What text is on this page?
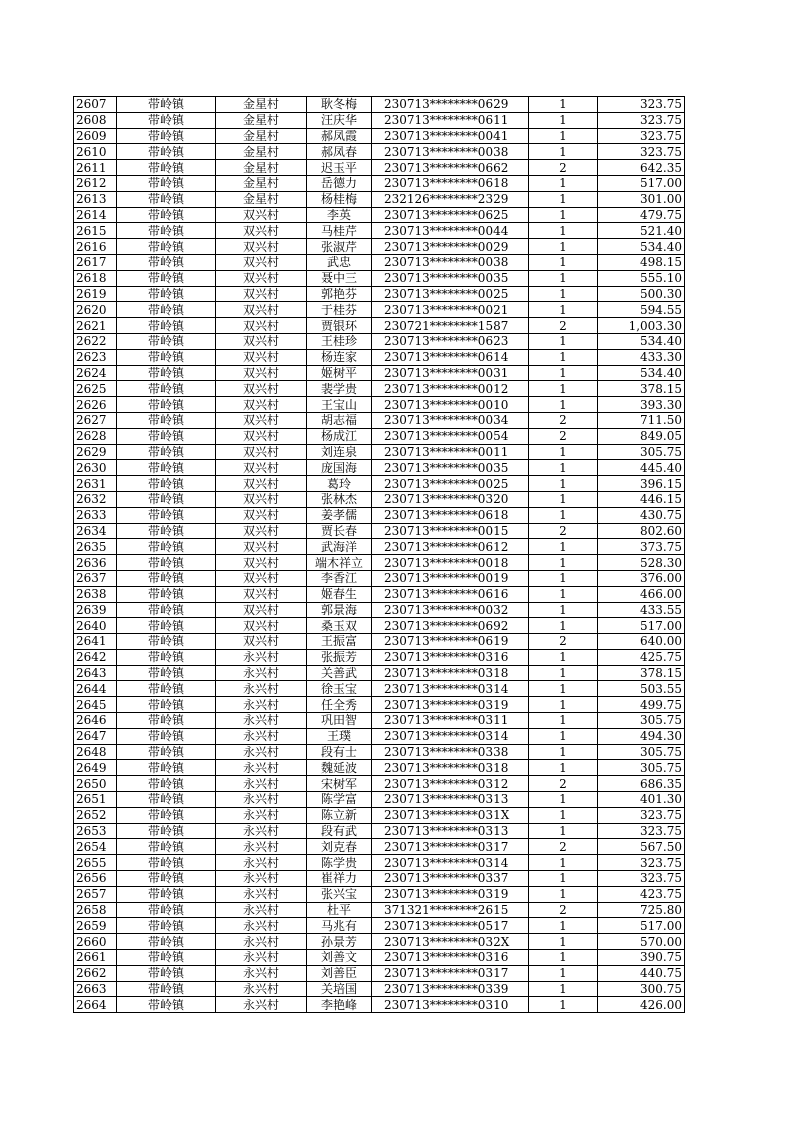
2607	带岭镇	金星村	耿冬梅	230713********0629	1	323.75
2608	带岭镇	金星村	汪庆华	230713********0611	1	323.75
2609	带岭镇	金星村	郝凤霞	230713********0041	1	323.75
2610	带岭镇	金星村	郝凤春	230713********0038	1	323.75
2611	带岭镇	金星村	迟玉平	230713********0662	2	642.35
2612	带岭镇	金星村	岳德力	230713********0618	1	517.00
2613	带岭镇	金星村	杨桂梅	232126********2329	1	301.00
2614	带岭镇	双兴村	李英	230713********0625	1	479.75
2615	带岭镇	双兴村	马桂芹	230713********0044	1	521.40
2616	带岭镇	双兴村	张淑芹	230713********0029	1	534.40
2617	带岭镇	双兴村	武忠	230713********0038	1	498.15
2618	带岭镇	双兴村	聂中三	230713********0035	1	555.10
2619	带岭镇	双兴村	郭艳芬	230713********0025	1	500.30
2620	带岭镇	双兴村	于桂芬	230713********0021	1	594.55
2621	带岭镇	双兴村	贾银环	230721********1587	2	1,003.30
2622	带岭镇	双兴村	王桂珍	230713********0623	1	534.40
2623	带岭镇	双兴村	杨连家	230713********0614	1	433.30
2624	带岭镇	双兴村	姬树平	230713********0031	1	534.40
2625	带岭镇	双兴村	裴学贵	230713********0012	1	378.15
2626	带岭镇	双兴村	王宝山	230713********0010	1	393.30
2627	带岭镇	双兴村	胡志福	230713********0034	2	711.50
2628	带岭镇	双兴村	杨成江	230713********0054	2	849.05
2629	带岭镇	双兴村	刘连泉	230713********0011	1	305.75
2630	带岭镇	双兴村	庞国海	230713********0035	1	445.40
2631	带岭镇	双兴村	葛玲	230713********0025	1	396.15
2632	带岭镇	双兴村	张林杰	230713********0320	1	446.15
2633	带岭镇	双兴村	姜孝儒	230713********0618	1	430.75
2634	带岭镇	双兴村	贾长春	230713********0015	2	802.60
2635	带岭镇	双兴村	武海洋	230713********0612	1	373.75
2636	带岭镇	双兴村	端木祥立	230713********0018	1	528.30
2637	带岭镇	双兴村	李香江	230713********0019	1	376.00
2638	带岭镇	双兴村	姬春生	230713********0616	1	466.00
2639	带岭镇	双兴村	郭景海	230713********0032	1	433.55
2640	带岭镇	双兴村	桑玉双	230713********0692	1	517.00
2641	带岭镇	双兴村	王振富	230713********0619	2	640.00
2642	带岭镇	永兴村	张振芳	230713********0316	1	425.75
2643	带岭镇	永兴村	关善武	230713********0318	1	378.15
2644	带岭镇	永兴村	徐玉宝	230713********0314	1	503.55
2645	带岭镇	永兴村	任全秀	230713********0319	1	499.75
2646	带岭镇	永兴村	巩田智	230713********0311	1	305.75
2647	带岭镇	永兴村	王璞	230713********0314	1	494.30
2648	带岭镇	永兴村	段有士	230713********0338	1	305.75
2649	带岭镇	永兴村	魏延波	230713********0318	1	305.75
2650	带岭镇	永兴村	宋树军	230713********0312	2	686.35
2651	带岭镇	永兴村	陈学富	230713********0313	1	401.30
2652	带岭镇	永兴村	陈立新	230713********031X	1	323.75
2653	带岭镇	永兴村	段有武	230713********0313	1	323.75
2654	带岭镇	永兴村	刘克春	230713********0317	2	567.50
2655	带岭镇	永兴村	陈学贵	230713********0314	1	323.75
2656	带岭镇	永兴村	崔祥力	230713********0337	1	323.75
2657	带岭镇	永兴村	张兴宝	230713********0319	1	423.75
2658	带岭镇	永兴村	杜平	371321********2615	2	725.80
2659	带岭镇	永兴村	马兆有	230713********0517	1	517.00
2660	带岭镇	永兴村	孙景芳	230713********032X	1	570.00
2661	带岭镇	永兴村	刘善文	230713********0316	1	390.75
2662	带岭镇	永兴村	刘善臣	230713********0317	1	440.75
2663	带岭镇	永兴村	关培国	230713********0339	1	300.75
2664	带岭镇	永兴村	李艳峰	230713********0310	1	426.00
